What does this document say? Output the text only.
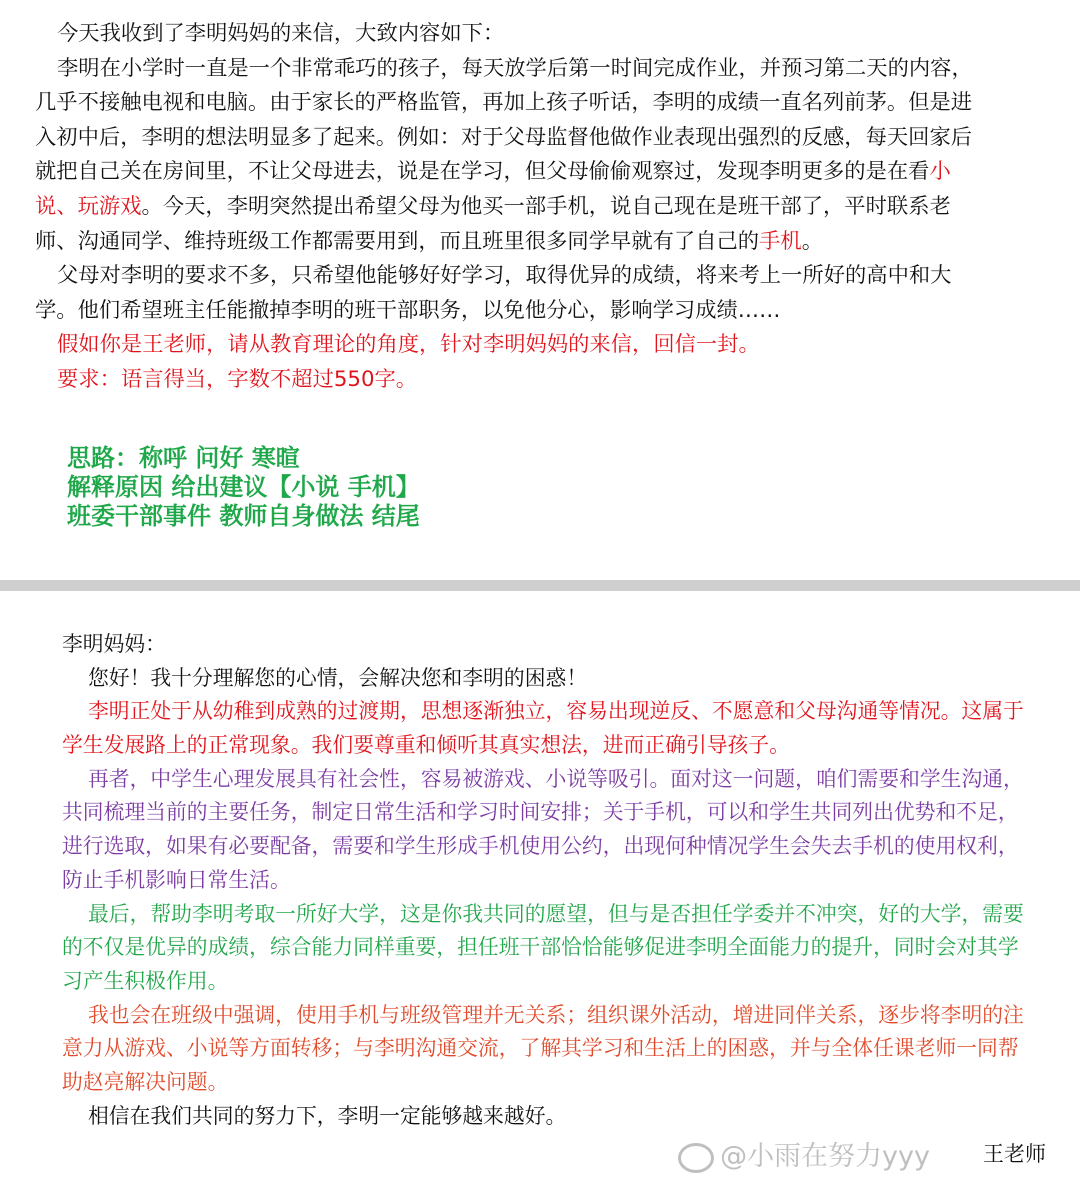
今天我收到了李明妈妈的来信，大致内容如下：
李明在小学时一直是一个非常乖巧的孩子，每天放学后第一时间完成作业，并预习第二天的内容，
几乎不接触电视和电脑。由于家长的严格监管，再加上孩子听话，李明的成绩一直名列前茅。但是进
入初中后，李明的想法明显多了起来。例如：对于父母监督他做作业表现出强烈的反感，每天回家后
就把自己关在房间里，不让父母进去，说是在学习，但父母偷偷观察过，发现李明更多的是在看小
说、玩游戏。今天，李明突然提出希望父母为他买一部手机，说自己现在是班干部了，平时联系老
师、沟通同学、维持班级工作都需要用到，而且班里很多同学早就有了自己的手机。
父母对李明的要求不多，只希望他能够好好学习，取得优异的成绩，将来考上一所好的高中和大
学。他们希望班主任能撤掉李明的班干部职务，以免他分心，影响学习成绩……
假如你是王老师，请从教育理论的角度，针对李明妈妈的来信，回信一封。
要求：语言得当，字数不超过550字。
思路：称呼 问好 寒暄
解释原因 给出建议【小说 手机】
班委干部事件 教师自身做法 结尾
李明妈妈：
您好！我十分理解您的心情，会解决您和李明的困惑！
李明正处于从幼稚到成熟的过渡期，思想逐渐独立，容易出现逆反、不愿意和父母沟通等情况。这属于
学生发展路上的正常现象。我们要尊重和倾听其真实想法，进而正确引导孩子。
再者，中学生心理发展具有社会性，容易被游戏、小说等吸引。面对这一问题，咱们需要和学生沟通，
共同梳理当前的主要任务，制定日常生活和学习时间安排；关于手机，可以和学生共同列出优势和不足，
进行选取，如果有必要配备，需要和学生形成手机使用公约，出现何种情况学生会失去手机的使用权利，
防止手机影响日常生活。
最后，帮助李明考取一所好大学，这是你我共同的愿望，但与是否担任学委并不冲突，好的大学，需要
的不仅是优异的成绩，综合能力同样重要，担任班干部恰恰能够促进李明全面能力的提升，同时会对其学
习产生积极作用。
我也会在班级中强调，使用手机与班级管理并无关系；组织课外活动，增进同伴关系，逐步将李明的注
意力从游戏、小说等方面转移；与李明沟通交流，了解其学习和生活上的困惑，并与全体任课老师一同帮
助赵亮解决问题。
相信在我们共同的努力下，李明一定能够越来越好。
@小雨在努力yyy	王老师
